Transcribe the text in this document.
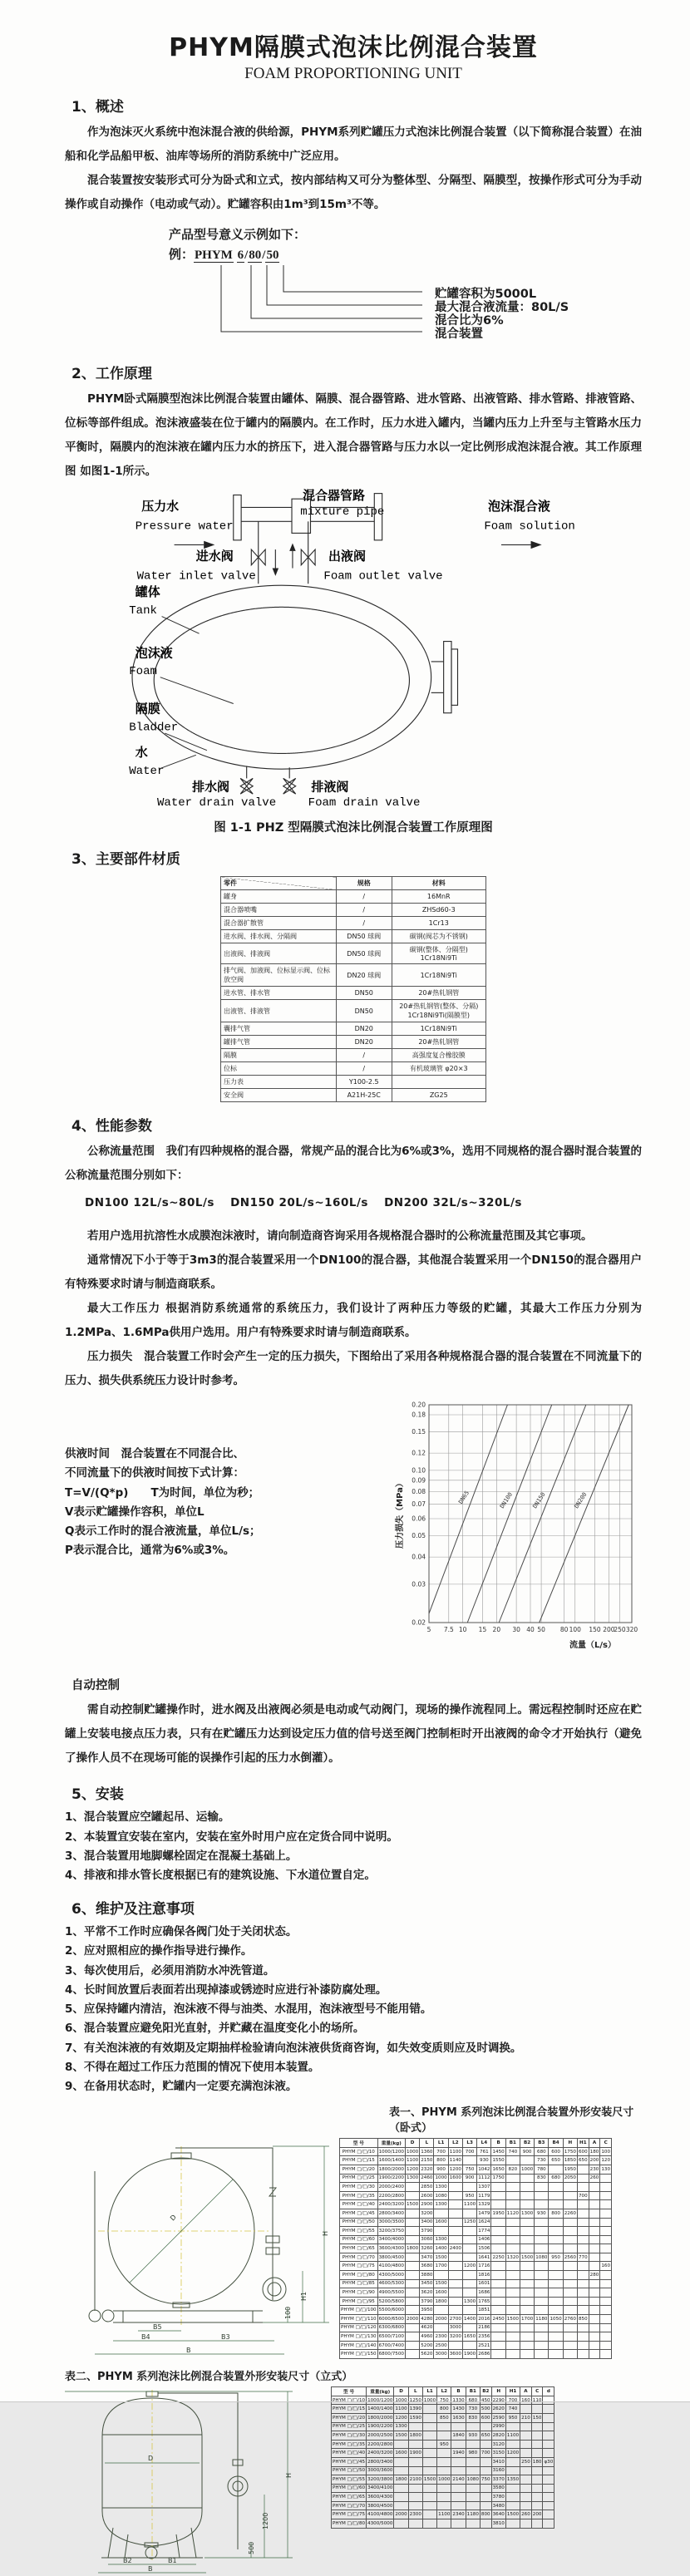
PHYM隔膜式泡沫比例混合装置
FOAM PROPORTIONING UNIT
1、概述

作为泡沫灭火系统中泡沫混合液的供给源，PHYM系列贮罐压力式泡沫比例混合装置（以下简称混合装置）在油船和化学品船甲板、油库等场所的消防系统中广泛应用。

混合装置按安装形式可分为卧式和立式，按内部结构又可分为整体型、分隔型、隔膜型，按操作形式可分为手动操作或自动操作（电动或气动）。贮罐容积由1m³到15m³不等。

产品型号意义示例如下：
例：PHYM 6/80/50
贮罐容积为5000L
最大混合液流量：80L/S
混合比为6%
混合装置
2、工作原理

PHYM卧式隔膜型泡沫比例混合装置由罐体、隔膜、混合器管路、进水管路、出液管路、排水管路、排液管路、位标等部件组成。泡沫液盛装在位于罐内的隔膜内。在工作时，压力水进入罐内，当罐内压力上升至与主管路水压力平衡时，隔膜内的泡沫液在罐内压力水的挤压下，进入混合器管路与压力水以一定比例形成泡沫混合液。其工作原理图 如图1-1所示。

混合器管路
mixture pipe
压力水
Pressure water
泡沫混合液
Foam solution
进水阀
Water inlet valve
出液阀
Foam outlet valve
罐体
Tank
泡沫液
Foam
隔膜
Bladder
水
Water
排水阀
Water drain valve
排液阀
Foam drain valve
图 1-1 PHZ 型隔膜式泡沫比例混合装置工作原理图
3、主要部件材质
零件	规格	材料
罐身	/	16MnR
混合器喷嘴	/	ZHSd60-3
混合器扩散管	/	1Cr13
进水阀、排水阀、分隔阀	DN50 球阀	碳钢(阀芯为不锈钢)
出液阀、排液阀	DN50 球阀	碳钢(整体、分隔型) 1Cr18Ni9Ti
排气阀、加液阀、位标显示阀、位标放空阀	DN20 球阀	1Cr18Ni9Ti
进水管、排水管	DN50	20#热轧钢管
出液管、排液管	DN50	20#热轧钢管(整体、分隔) 1Cr18Ni9Ti(隔膜型)
囊排气管	DN20	1Cr18Ni9Ti
罐排气管	DN20	20#热轧钢管
隔膜	/	高强度复合橡胶膜
位标	/	有机玻璃管 φ20×3
压力表	Y100-2.5	
安全阀	A21H-25C	ZG25
4、性能参数

公称流量范围　我们有四种规格的混合器，常规产品的混合比为6%或3%，选用不同规格的混合器时混合装置的公称流量范围分别如下：

DN100 12L/s~80L/s　 DN150 20L/s~160L/s　 DN200 32L/s~320L/s

若用户选用抗溶性水成膜泡沫液时，请向制造商咨询采用各规格混合器时的公称流量范围及其它事项。

通常情况下小于等于3m3的混合装置采用一个DN100的混合器，其他混合装置采用一个DN150的混合器用户有特殊要求时请与制造商联系。

最大工作压力 根据消防系统通常的系统压力，我们设计了两种压力等级的贮罐，其最大工作压力分别为1.2MPa、1.6MPa供用户选用。用户有特殊要求时请与制造商联系。

压力损失　混合装置工作时会产生一定的压力损失，下图给出了采用各种规格混合器的混合装置在不同流量下的压力、损失供系统压力设计时参考。

供液时间　混合装置在不同混合比、
不同流量下的供液时间按下式计算：
T=V/(Q*p)　　T为时间，单位为秒；
V表示贮罐操作容积，单位L
Q表示工作时的混合液流量，单位L/s；
P表示混合比，通常为6%或3%。
5 7.5 10 15 20 30 40 50 80 100 150 200
250 320
0.02
0.03
0.04
0.05
0.06
0.07
0.08
0.09
0.10
0.12
0.15
0.18
0.20
DN65	DN100	DN150	DN200
流量（L/s）
压力损失（MPa）
自动控制

需自动控制贮罐操作时，进水阀及出液阀必须是电动或气动阀门，现场的操作流程同上。需远程控制时还应在贮罐上安装电接点压力表，只有在贮罐压力达到设定压力值的信号送至阀门控制柜时开出液阀的命令才开始执行（避免了操作人员不在现场可能的误操作引起的压力水倒灌）。

5、安装
1、混合装置应空罐起吊、运输。
2、本装置宜安装在室内，安装在室外时用户应在定货合同中说明。
3、混合装置用地脚螺栓固定在混凝土基础上。
4、排液和排水管长度根据已有的建筑设施、下水道位置自定。
6、维护及注意事项
1、平常不工作时应确保各阀门处于关闭状态。
2、应对照相应的操作指导进行操作。
3、每次使用后，必须用消防水冲洗管道。
4、长时间放置后表面若出现掉漆或锈迹时应进行补漆防腐处理。
5、应保持罐内清洁，泡沫液不得与油类、水混用，泡沫液型号不能用错。
6、混合装置应避免阳光直射，并贮藏在温度变化小的场所。
7、有关泡沫液的有效期及定期抽样检验请向泡沫液供货商咨询，如失效变质则应及时调换。
8、不得在超过工作压力范围的情况下使用本装置。
9、在备用状态时，贮罐内一定要充满泡沫液。
表一、PHYM 系列泡沫比例混合装置外形安装尺寸（卧式）
D
H
H1
100
B5
B4	B3
B
型 号	重量(kg)	D	L	L1	L2	L3	L4	B	B1	B2	B3	B4	H	H1	A	C
PHYM □/□/10	1000/1200	1000	1360	700	1100	700	761	1450	740	900	680	600	1750	600	180	100
PHYM □/□/15	1600/1400	1100	2150	800	1140		930	1550			730	650	1850	650	200	120
PHYM □/□/20	1800/2000	1200	2320	900	1200	750	1042	1650	820	1000	780		1950		230	130
PHYM □/□/25	1900/2200	1300	2460	1000	1600	900	1112	1750			830	680	2050		260	
PHYM □/□/30	2000/2400		2850	1300			1307									
PHYM □/□/35	2200/2800		2600	1080		950	1179							700		
PHYM □/□/40	2400/3200	1500	2900	1300		1100	1329									
PHYM □/□/45	2800/3400		3200				1479	1950	1120	1300	930	800	2260			
PHYM □/□/50	3000/3500		3400	1600		1250	1624									
PHYM □/□/55	3200/3750		3790				1774									
PHYM □/□/60	3400/4000		3060	1300			1406									
PHYM □/□/65	3600/4300	1800	3260	1400	2400		1506									
PHYM □/□/70	3800/4500		3470	1500			1641	2250	1320	1500	1080	950	2560	770		
PHYM □/□/75	4100/4800		3680	1700		1200	1716									160
PHYM □/□/80	4300/5000		3880				1816								280	
PHYM □/□/85	4600/5300		3450	1500			1601									
PHYM □/□/90	4900/5500		3620	1600			1686									
PHYM □/□/95	5200/5800		3790	1800		1300	1765									
PHYM □/□/100	5500/6000		3950				1851									
PHYM □/□/110	6000/6500	2000	4280	2000	2700	1400	2016	2450	1500	1700	1180	1050	2760	850		
PHYM □/□/120	6300/6800		4620		3000		2186									
PHYM □/□/130	6500/7100		4960	2300	3200	1650	2356									
PHYM □/□/140	6700/7400		5200	2500			2521									
PHYM □/□/150	6800/7500		5620	3000	3600	1900	2686									
表二、PHYM 系列泡沫比例混合装置外形安装尺寸（立式）
D
H
1200
500
B2	B1
B
型 号	重量(kg)	D	L	L1	L2	B	B1	B2	H	H1	A	C	d
PHYM □/□/10	1000/1200	1000	1250	1000	750	1330	680	450	2290	700	160	110	
PHYM □/□/15	1400/1400	1100	1390		800	1430	730	500	2620	740			
PHYM □/□/20	1800/2000	1200	1590		850	1630	830	600	2590	950	210	150	
PHYM □/□/25	1900/2200	1300							2990				
PHYM □/□/30	2000/2500	1500	1800			1840	930	650	2820	1100			
PHYM □/□/35	2200/2800				950				3120				
PHYM □/□/40	2400/3200	1600	1900			1940	980	700	3150	1200			
PHYM □/□/45	2800/3400								3410		250	180	φ30
PHYM □/□/50	3000/3600								3160				
PHYM □/□/55	3200/3800	1800	2100	1500	1000	2140	1080	750	3370	1350			
PHYM □/□/60	3400/4100								3580				
PHYM □/□/65	3600/4300								3780				
PHYM □/□/70	3800/4500								3480				
PHYM □/□/75	4100/4800	2000	2300		1100	2340	1180	800	3640	1500	260	200	
PHYM □/□/80	4300/5000								3810				
